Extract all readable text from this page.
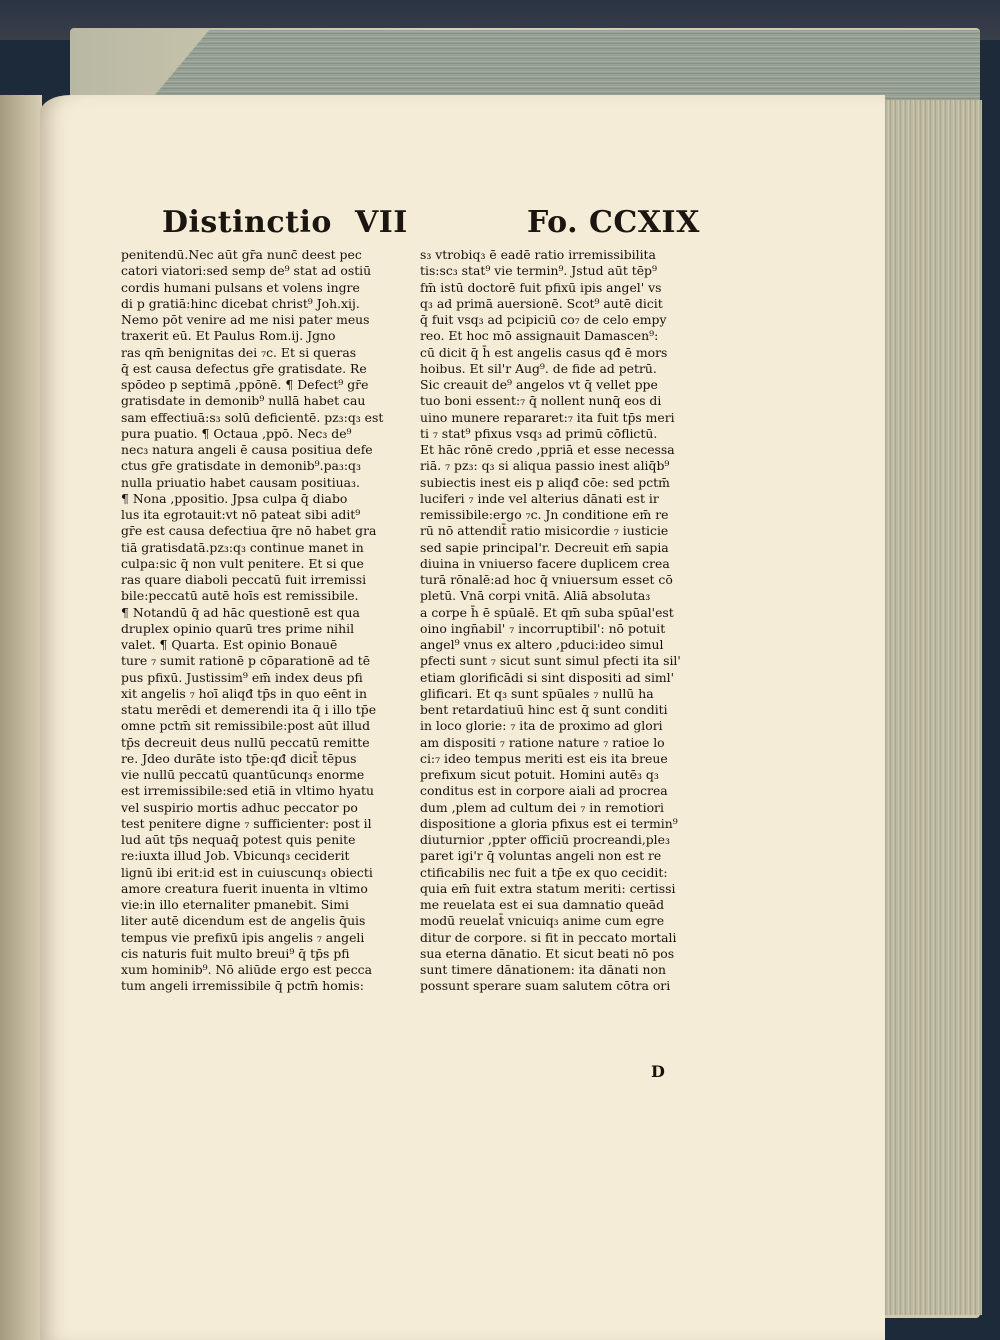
Distinctio VII	Fo. CCXIX
penitendū.Nec aūt gr̄a nunc̄ deest pec
catori viatori:sed semp de⁹ stat ad ostiū
cordis humani pulsans et volens ingre
di p gratiā:hinc dicebat christ⁹ Joh.xij.
Nemo pōt venire ad me nisi pater meus
traxerit eū. Et Paulus Rom.ij. Jgno
ras qm̄ benignitas dei ₇c. Et si queras
q̄ est causa defectus gr̄e gratisdate. Re
spōdeo p septimā ,ppōnē. ¶ Defect⁹ gr̄e
gratisdate in demonib⁹ nullā habet cau
sam effectiuā:s₃ solū deficientē. pz₃:q₃ est
pura puatio. ¶ Octaua ,ppō. Nec₃ de⁹
nec₃ natura angeli ē causa positiua defe
ctus gr̄e gratisdate in demonib⁹.pa₃:q₃
nulla priuatio habet causam positiua₃.
¶ Nona ,ppositio. Jpsa culpa q̄ diabo
lus ita egrotauit:vt nō pateat sibi adit⁹
gr̄e est causa defectiua q̄re nō habet gra
tiā gratisdatā.pz₃:q₃ continue manet in
culpa:sic q̄ non vult penitere. Et si que
ras quare diaboli peccatū fuit irremissi
bile:peccatū autē hoīs est remissibile.
¶ Notandū q̄ ad hāc questionē est qua
druplex opinio quarū tres prime nihil
valet. ¶ Quarta. Est opinio Bonauē
ture ₇ sumit rationē p cōparationē ad tē
pus pfixū. Justissim⁹ em̄ index deus pfi
xit angelis ₇ hoī aliqđ tp̄s in quo eēnt in
statu merēdi et demerendi ita q̄ i illo tp̄e
omne pctm̄ sit remissibile:post aūt illud
tp̄s decreuit deus nullū peccatū remitte
re. Jdeo durāte isto tp̄e:qđ dicit̄ tēpus
vie nullū peccatū quantūcunq₃ enorme
est irremissibile:sed etiā in vltimo hyatu
vel suspirio mortis adhuc peccator po
test penitere digne ₇ sufficienter: post il
lud aūt tp̄s nequaq̄ potest quis penite
re:iuxta illud Job. Vbicunq₃ ceciderit
lignū ibi erit:id est in cuiuscunq₃ obiecti
amore creatura fuerit inuenta in vltimo
vie:in illo eternaliter pmanebit. Simi
liter autē dicendum est de angelis q̄uis
tempus vie prefixū ipis angelis ₇ angeli
cis naturis fuit multo breui⁹ q̄ tp̄s pfi
xum hominib⁹. Nō aliūde ergo est pecca
tum angeli irremissibile q̄ pctm̄ homis:
s₃ vtrobiq₃ ē eadē ratio irremissibilita
tis:sc₃ stat⁹ vie termin⁹. Jstud aūt tēp⁹
fm̄ istū doctorē fuit pfixū ipis angel' vs
q₃ ad primā auersionē. Scot⁹ autē dicit
q̄ fuit vsq₃ ad pcipiciū co₇ de celo empy
reo. Et hoc mō assignauit Damascen⁹:
cū dicit q̄ h̄ est angelis casus qđ ē mors
hoibus. Et sil'r Aug⁹. de fide ad petrū.
Sic creauit de⁹ angelos vt q̄ vellet ppe
tuo boni essent:₇ q̄ nollent nunq̄ eos di
uino munere repararet:₇ ita fuit tp̄s meri
ti ₇ stat⁹ pfixus vsq₃ ad primū cōflictū.
Et hāc rōnē credo ,ppriā et esse necessa
riā. ₇ pz₃: q₃ si aliqua passio inest aliq̄b⁹
subiectis inest eis p aliqđ cōe: sed pctm̄
luciferi ₇ inde vel alterius dānati est ir
remissibile:ergo ₇c. Jn conditione em̄ re
rū nō attendit̄ ratio misicordie ₇ iusticie
sed sapie principal'r. Decreuit em̄ sapia
diuina in vniuerso facere duplicem crea
turā rōnalē:ad hoc q̄ vniuersum esset cō
pletū. Vnā corpi vnitā. Aliā absoluta₃
a corpe h̄ ē spūalē. Et qm̄ suba spūal'est
oino ingn̄abil' ₇ incorruptibil': nō potuit
angel⁹ vnus ex altero ,pduci:ideo simul
pfecti sunt ₇ sicut sunt simul pfecti ita sil'
etiam glorificādi si sint dispositi ad siml'
glificari. Et q₃ sunt spūales ₇ nullū ha
bent retardatiuū hinc est q̄ sunt conditi
in loco glorie: ₇ ita de proximo ad glori
am dispositi ₇ ratione nature ₇ ratioe lo
ci:₇ ideo tempus meriti est eis ita breue
prefixum sicut potuit. Homini autē₃ q₃
conditus est in corpore aiali ad procrea
dum ,plem ad cultum dei ₇ in remotiori
dispositione a gloria pfixus est ei termin⁹
diuturnior ,ppter officiū procreandi,ple₃
paret igi'r q̄ voluntas angeli non est re
ctificabilis nec fuit a tp̄e ex quo cecidit:
quia em̄ fuit extra statum meriti: certissi
me reuelata est ei sua damnatio queād
modū reuelat̄ vnicuiq₃ anime cum egre
ditur de corpore. si fit in peccato mortali
sua eterna dānatio. Et sicut beati nō pos
sunt timere dānationem: ita dānati non
possunt sperare suam salutem cōtra ori
D
